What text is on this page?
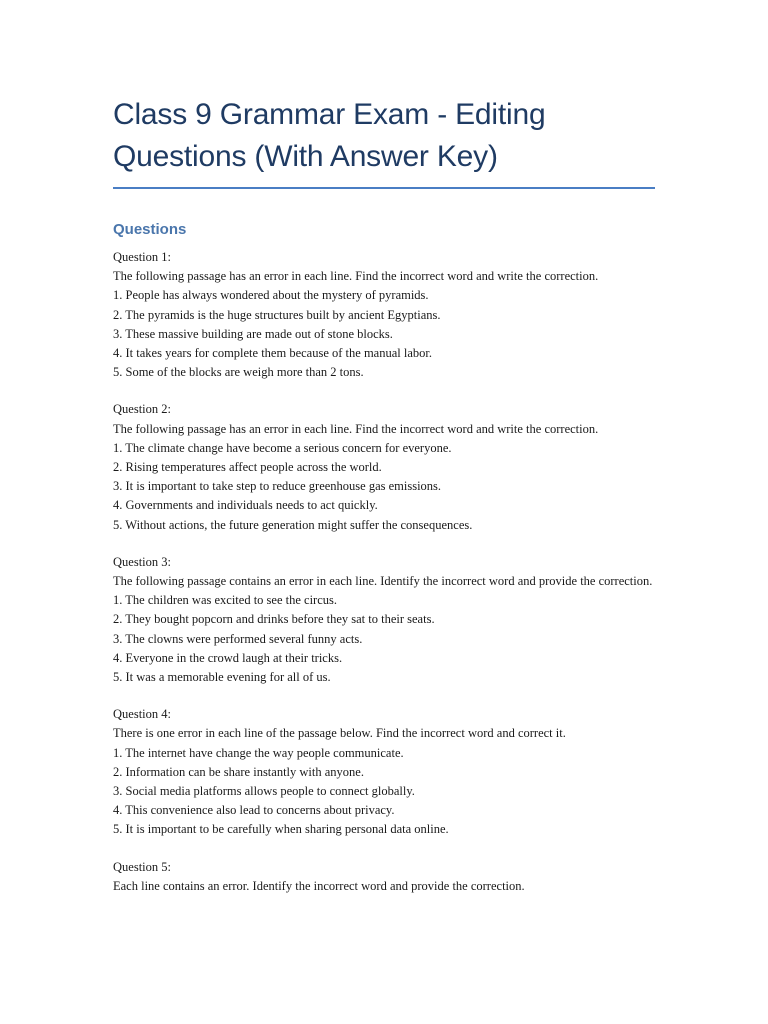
Class 9 Grammar Exam - Editing Questions (With Answer Key)
Questions
Question 1:
The following passage has an error in each line. Find the incorrect word and write the correction.
1. People has always wondered about the mystery of pyramids.
2. The pyramids is the huge structures built by ancient Egyptians.
3. These massive building are made out of stone blocks.
4. It takes years for complete them because of the manual labor.
5. Some of the blocks are weigh more than 2 tons.
Question 2:
The following passage has an error in each line. Find the incorrect word and write the correction.
1. The climate change have become a serious concern for everyone.
2. Rising temperatures affect people across the world.
3. It is important to take step to reduce greenhouse gas emissions.
4. Governments and individuals needs to act quickly.
5. Without actions, the future generation might suffer the consequences.
Question 3:
The following passage contains an error in each line. Identify the incorrect word and provide the correction.
1. The children was excited to see the circus.
2. They bought popcorn and drinks before they sat to their seats.
3. The clowns were performed several funny acts.
4. Everyone in the crowd laugh at their tricks.
5. It was a memorable evening for all of us.
Question 4:
There is one error in each line of the passage below. Find the incorrect word and correct it.
1. The internet have change the way people communicate.
2. Information can be share instantly with anyone.
3. Social media platforms allows people to connect globally.
4. This convenience also lead to concerns about privacy.
5. It is important to be carefully when sharing personal data online.
Question 5:
Each line contains an error. Identify the incorrect word and provide the correction.
